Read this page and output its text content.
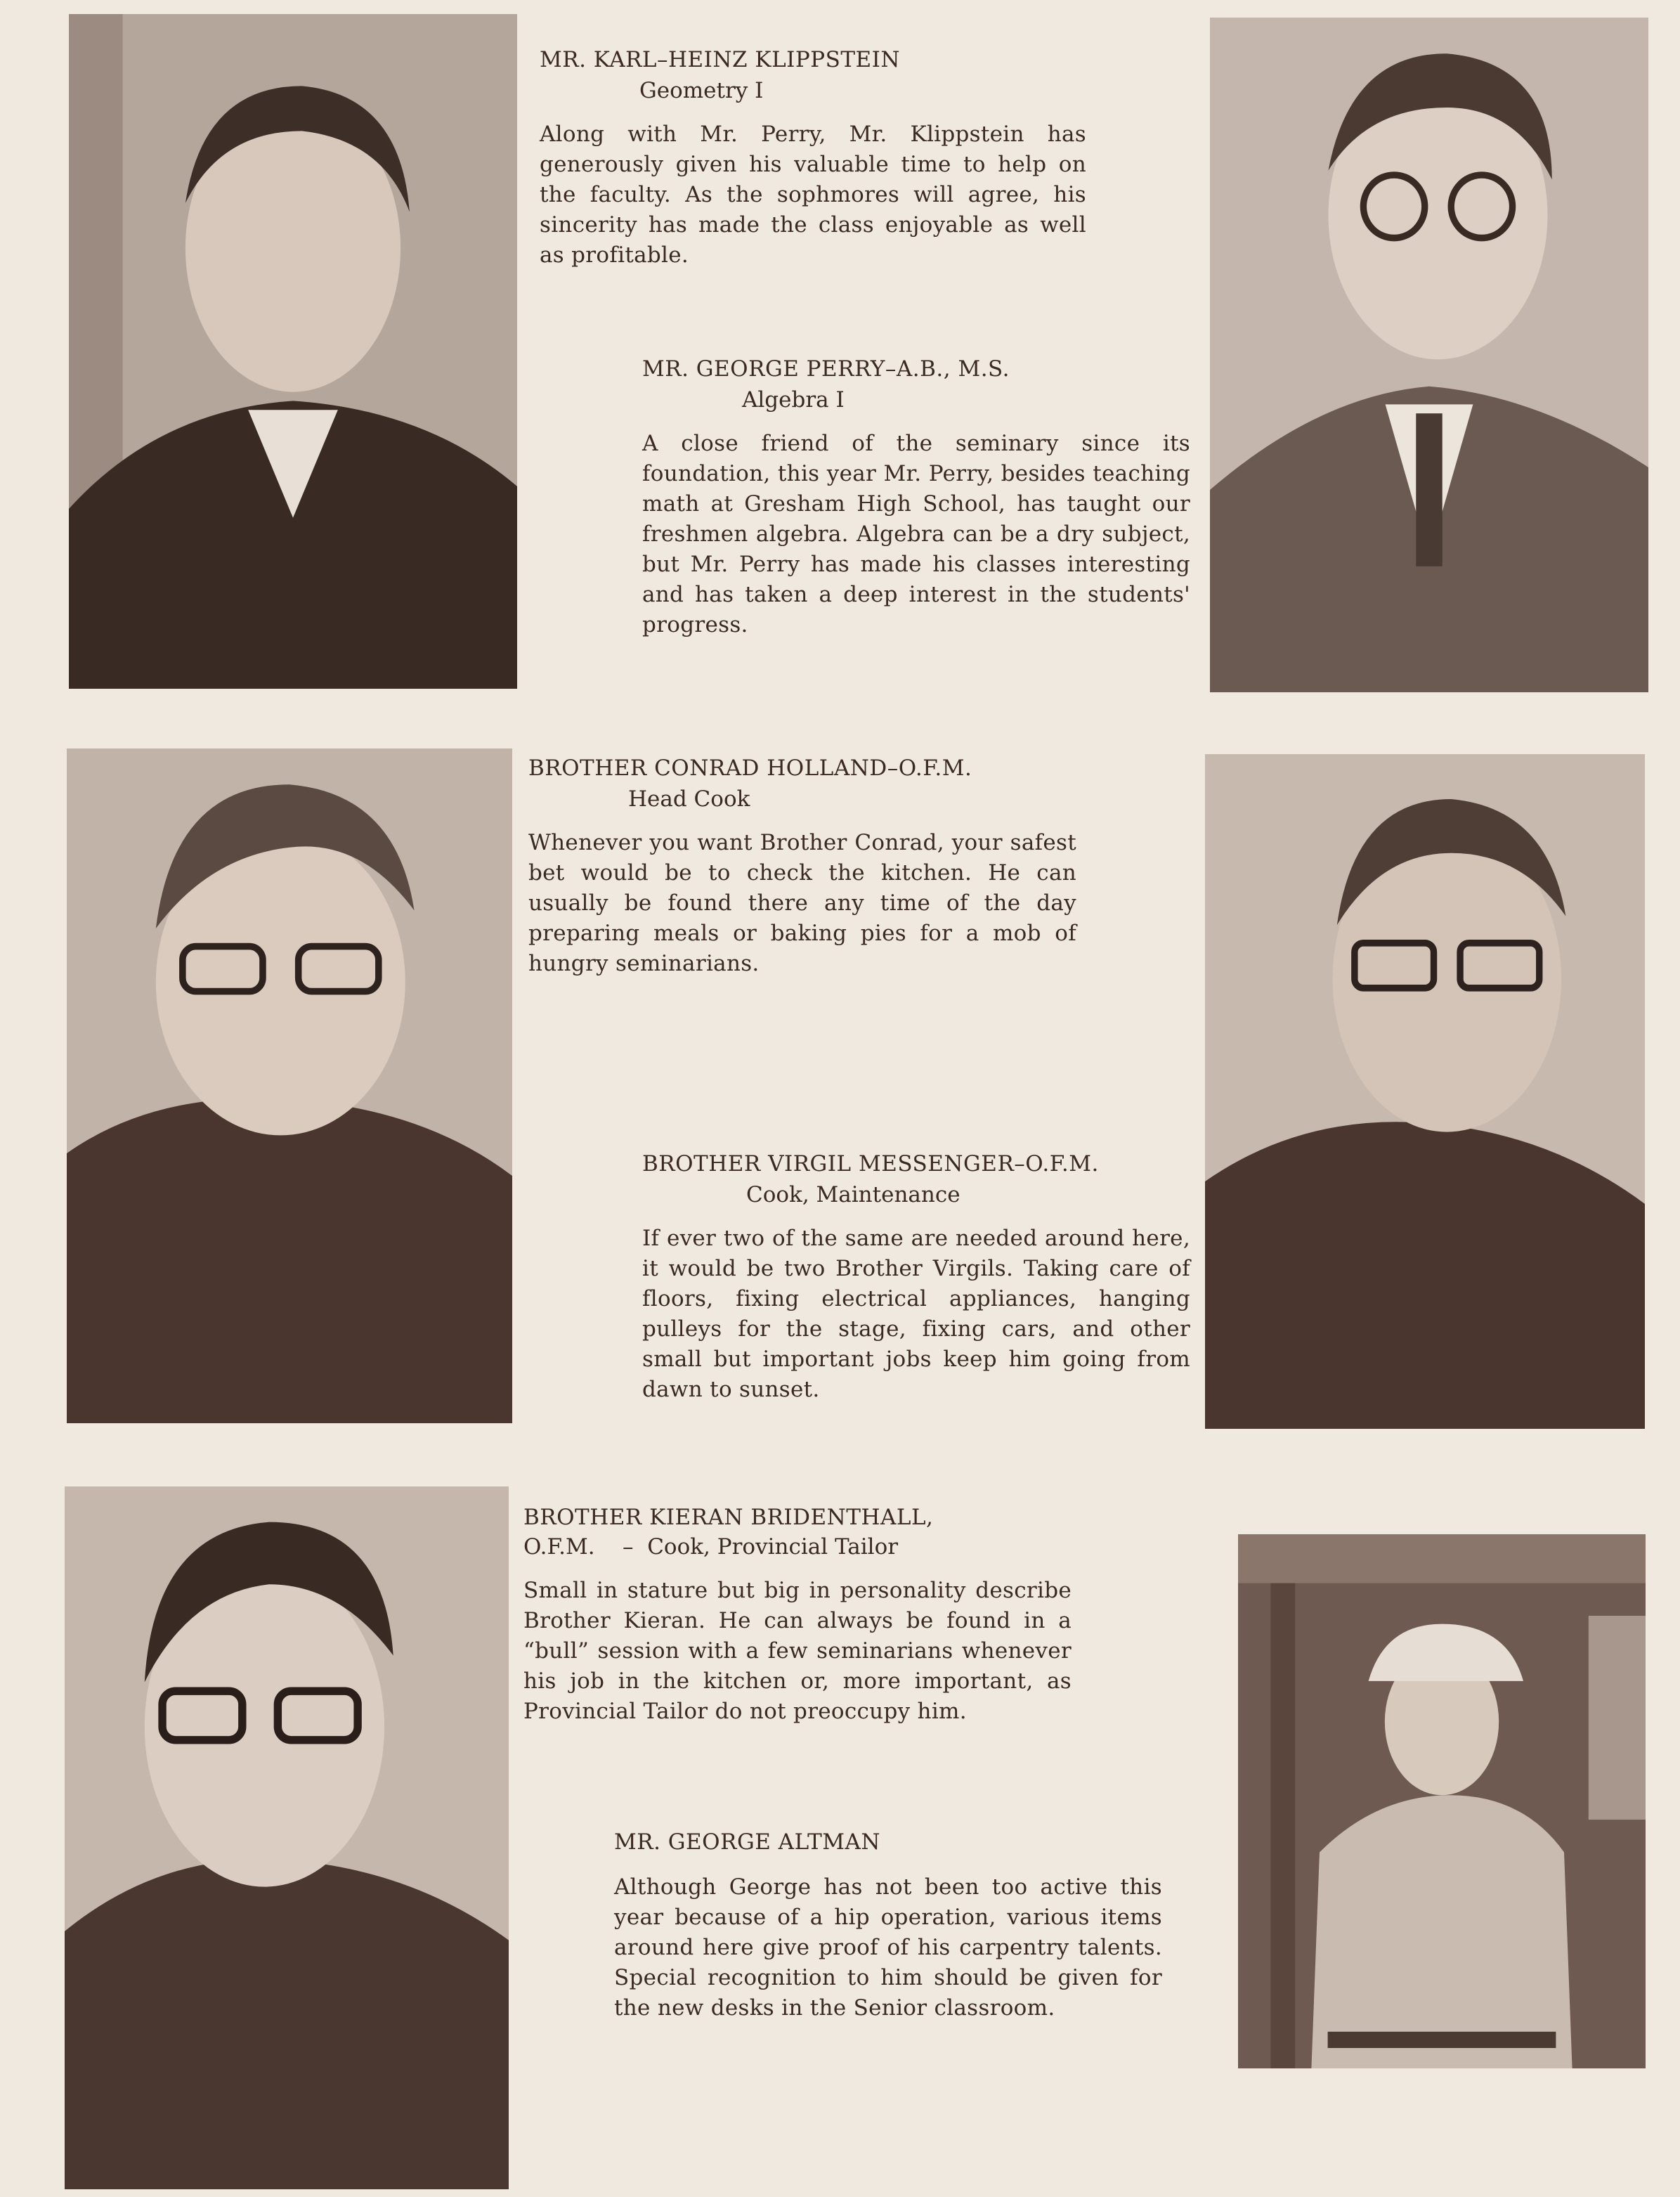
MR. KARL–HEINZ KLIPPSTEIN
Geometry I

Along with Mr. Perry, Mr. Klippstein has generously given his valuable time to help on the faculty. As the sophmores will agree, his sincerity has made the class enjoyable as well as profitable.

MR. GEORGE PERRY–A.B., M.S.
Algebra I

A close friend of the seminary since its foundation, this year Mr. Perry, besides teaching math at Gresham High School, has taught our freshmen algebra. Algebra can be a dry subject, but Mr. Perry has made his classes interesting and has taken a deep interest in the students' progress.

BROTHER CONRAD HOLLAND–O.F.M.
Head Cook

Whenever you want Brother Conrad, your safest bet would be to check the kitchen. He can usually be found there any time of the day preparing meals or baking pies for a mob of hungry seminarians.

BROTHER VIRGIL MESSENGER–O.F.M.
Cook, Maintenance

If ever two of the same are needed around here, it would be two Brother Virgils. Taking care of floors, fixing electrical appliances, hanging pulleys for the stage, fixing cars, and other small but important jobs keep him going from dawn to sunset.

BROTHER KIERAN BRIDENTHALL,
O.F.M.    –  Cook, Provincial Tailor

Small in stature but big in personality describe Brother Kieran. He can always be found in a “bull” session with a few seminarians whenever his job in the kitchen or, more important, as Provincial Tailor do not preoccupy him.

MR. GEORGE ALTMAN

Although George has not been too active this year because of a hip operation, various items around here give proof of his carpentry talents. Special recognition to him should be given for the new desks in the Senior classroom.
